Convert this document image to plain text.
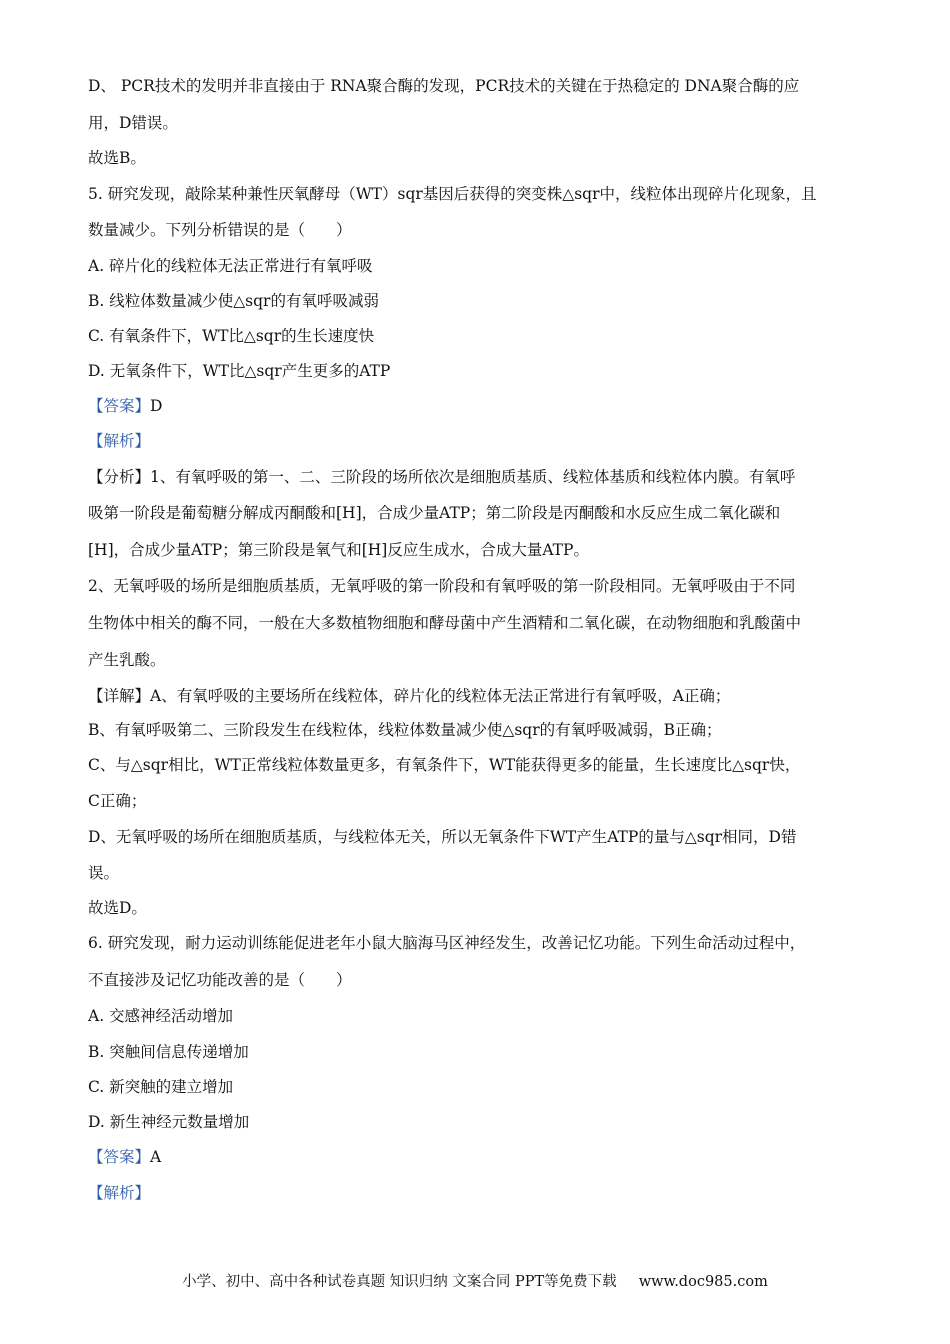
D、 PCR技术的发明并非直接由于 RNA聚合酶的发现，PCR技术的关键在于热稳定的 DNA聚合酶的应
用，D错误。
故选B。
5. 研究发现，敲除某种兼性厌氧酵母（WT）sqr基因后获得的突变株△sqr中，线粒体出现碎片化现象，且
数量减少。下列分析错误的是（　　）
A. 碎片化的线粒体无法正常进行有氧呼吸
B. 线粒体数量减少使△sqr的有氧呼吸减弱
C. 有氧条件下，WT比△sqr的生长速度快
D. 无氧条件下，WT比△sqr产生更多的ATP
【答案】D
【解析】
【分析】1、有氧呼吸的第一、二、三阶段的场所依次是细胞质基质、线粒体基质和线粒体内膜。有氧呼
吸第一阶段是葡萄糖分解成丙酮酸和[H]，合成少量ATP；第二阶段是丙酮酸和水反应生成二氧化碳和
[H]，合成少量ATP；第三阶段是氧气和[H]反应生成水，合成大量ATP。
2、无氧呼吸的场所是细胞质基质，无氧呼吸的第一阶段和有氧呼吸的第一阶段相同。无氧呼吸由于不同
生物体中相关的酶不同，一般在大多数植物细胞和酵母菌中产生酒精和二氧化碳，在动物细胞和乳酸菌中
产生乳酸。
【详解】A、有氧呼吸的主要场所在线粒体，碎片化的线粒体无法正常进行有氧呼吸，A正确；
B、有氧呼吸第二、三阶段发生在线粒体，线粒体数量减少使△sqr的有氧呼吸减弱，B正确；
C、与△sqr相比，WT正常线粒体数量更多，有氧条件下，WT能获得更多的能量，生长速度比△sqr快，
C正确；
D、无氧呼吸的场所在细胞质基质，与线粒体无关，所以无氧条件下WT产生ATP的量与△sqr相同，D错
误。
故选D。
6. 研究发现，耐力运动训练能促进老年小鼠大脑海马区神经发生，改善记忆功能。下列生命活动过程中，
不直接涉及记忆功能改善的是（　　）
A. 交感神经活动增加
B. 突触间信息传递增加
C. 新突触的建立增加
D. 新生神经元数量增加
【答案】A
【解析】
小学、初中、高中各种试卷真题 知识归纳 文案合同 PPT等免费下载 www.doc985.com
